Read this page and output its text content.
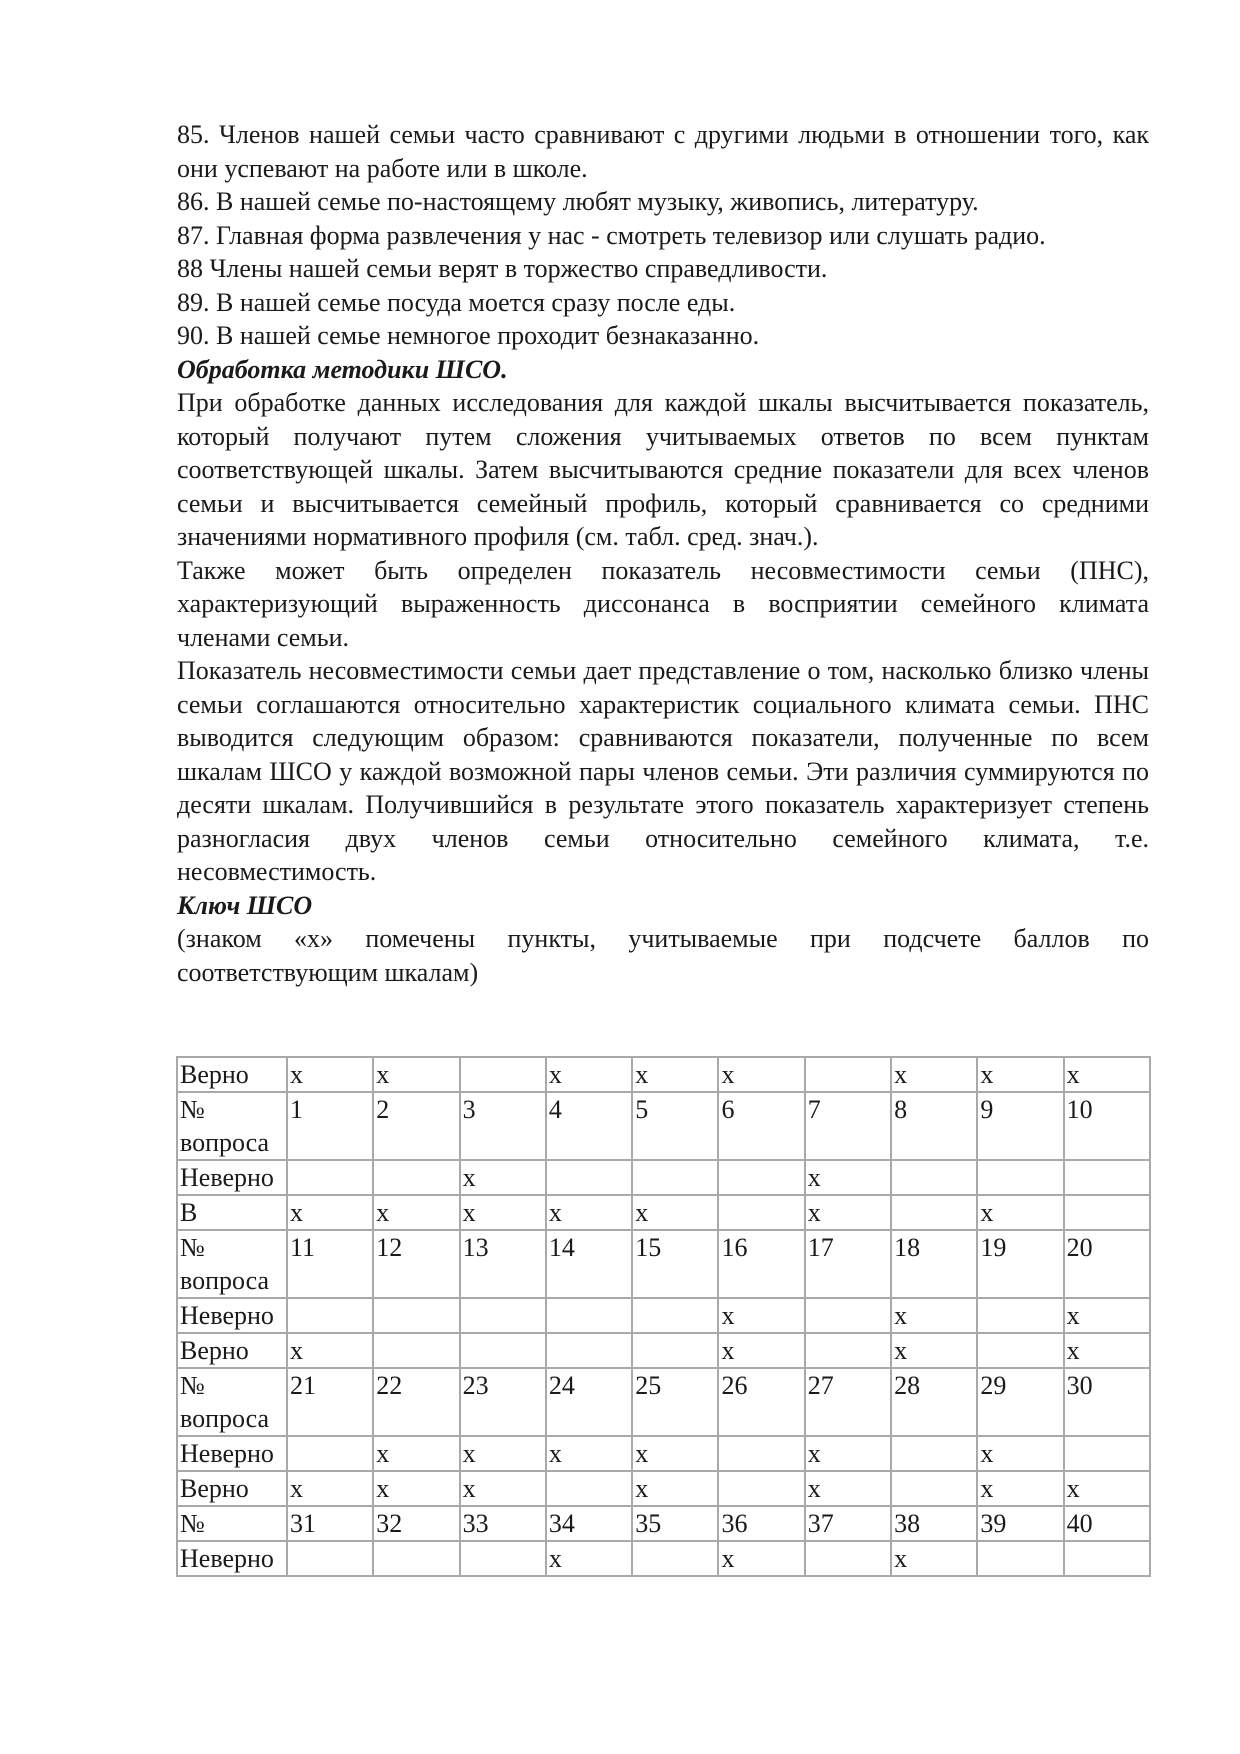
85. Членов нашей семьи часто сравнивают с другими людьми в отношении того, как они успевают на работе или в школе.

86. В нашей семье по-настоящему любят музыку, живопись, литературу.

87. Главная форма развлечения у нас - смотреть телевизор или слушать радио.

88 Члены нашей семьи верят в торжество справедливости.

89. В нашей семье посуда моется сразу после еды.

90. В нашей семье немногое проходит безнаказанно.

Обработка методики ШСО.

При обработке данных исследования для каждой шкалы высчитывается показатель, который получают путем сложения учитываемых ответов по всем пунктам соответствующей шкалы. Затем высчитываются средние показатели для всех членов семьи и высчитывается семейный профиль, который сравнивается со средними значениями нормативного профиля (см. табл. сред. знач.).

Также может быть определен показатель несовместимости семьи (ПНС), характеризующий выраженность диссонанса в восприятии семейного климата членами семьи.

Показатель несовместимости семьи дает представление о том, насколько близко члены семьи соглашаются относительно характеристик социального климата семьи. ПНС выводится следующим образом: сравниваются показатели, полученные по всем шкалам ШСО у каждой возможной пары членов семьи. Эти различия суммируются по десяти шкалам. Получившийся в результате этого показатель характеризует степень разногласия двух членов семьи относительно семейного климата, т.е. несовместимость.

Ключ ШСО

(знаком «х» помечены пункты, учитываемые при подсчете баллов по соответствующим шкалам)

Верно	х	х		х	х	х		х	х	х
№ вопроса	1	2	3	4	5	6	7	8	9	10
Неверно			х				х			
В	х	х	х	х	х		х		х	
№ вопроса	11	12	13	14	15	16	17	18	19	20
Неверно						х		х		х
Верно	х					х		х		х
№ вопроса	21	22	23	24	25	26	27	28	29	30
Неверно		х	х	х	х		х		х	
Верно	х	х	х		х		х		х	х
№	31	32	33	34	35	36	37	38	39	40
Неверно				х		х		х		
